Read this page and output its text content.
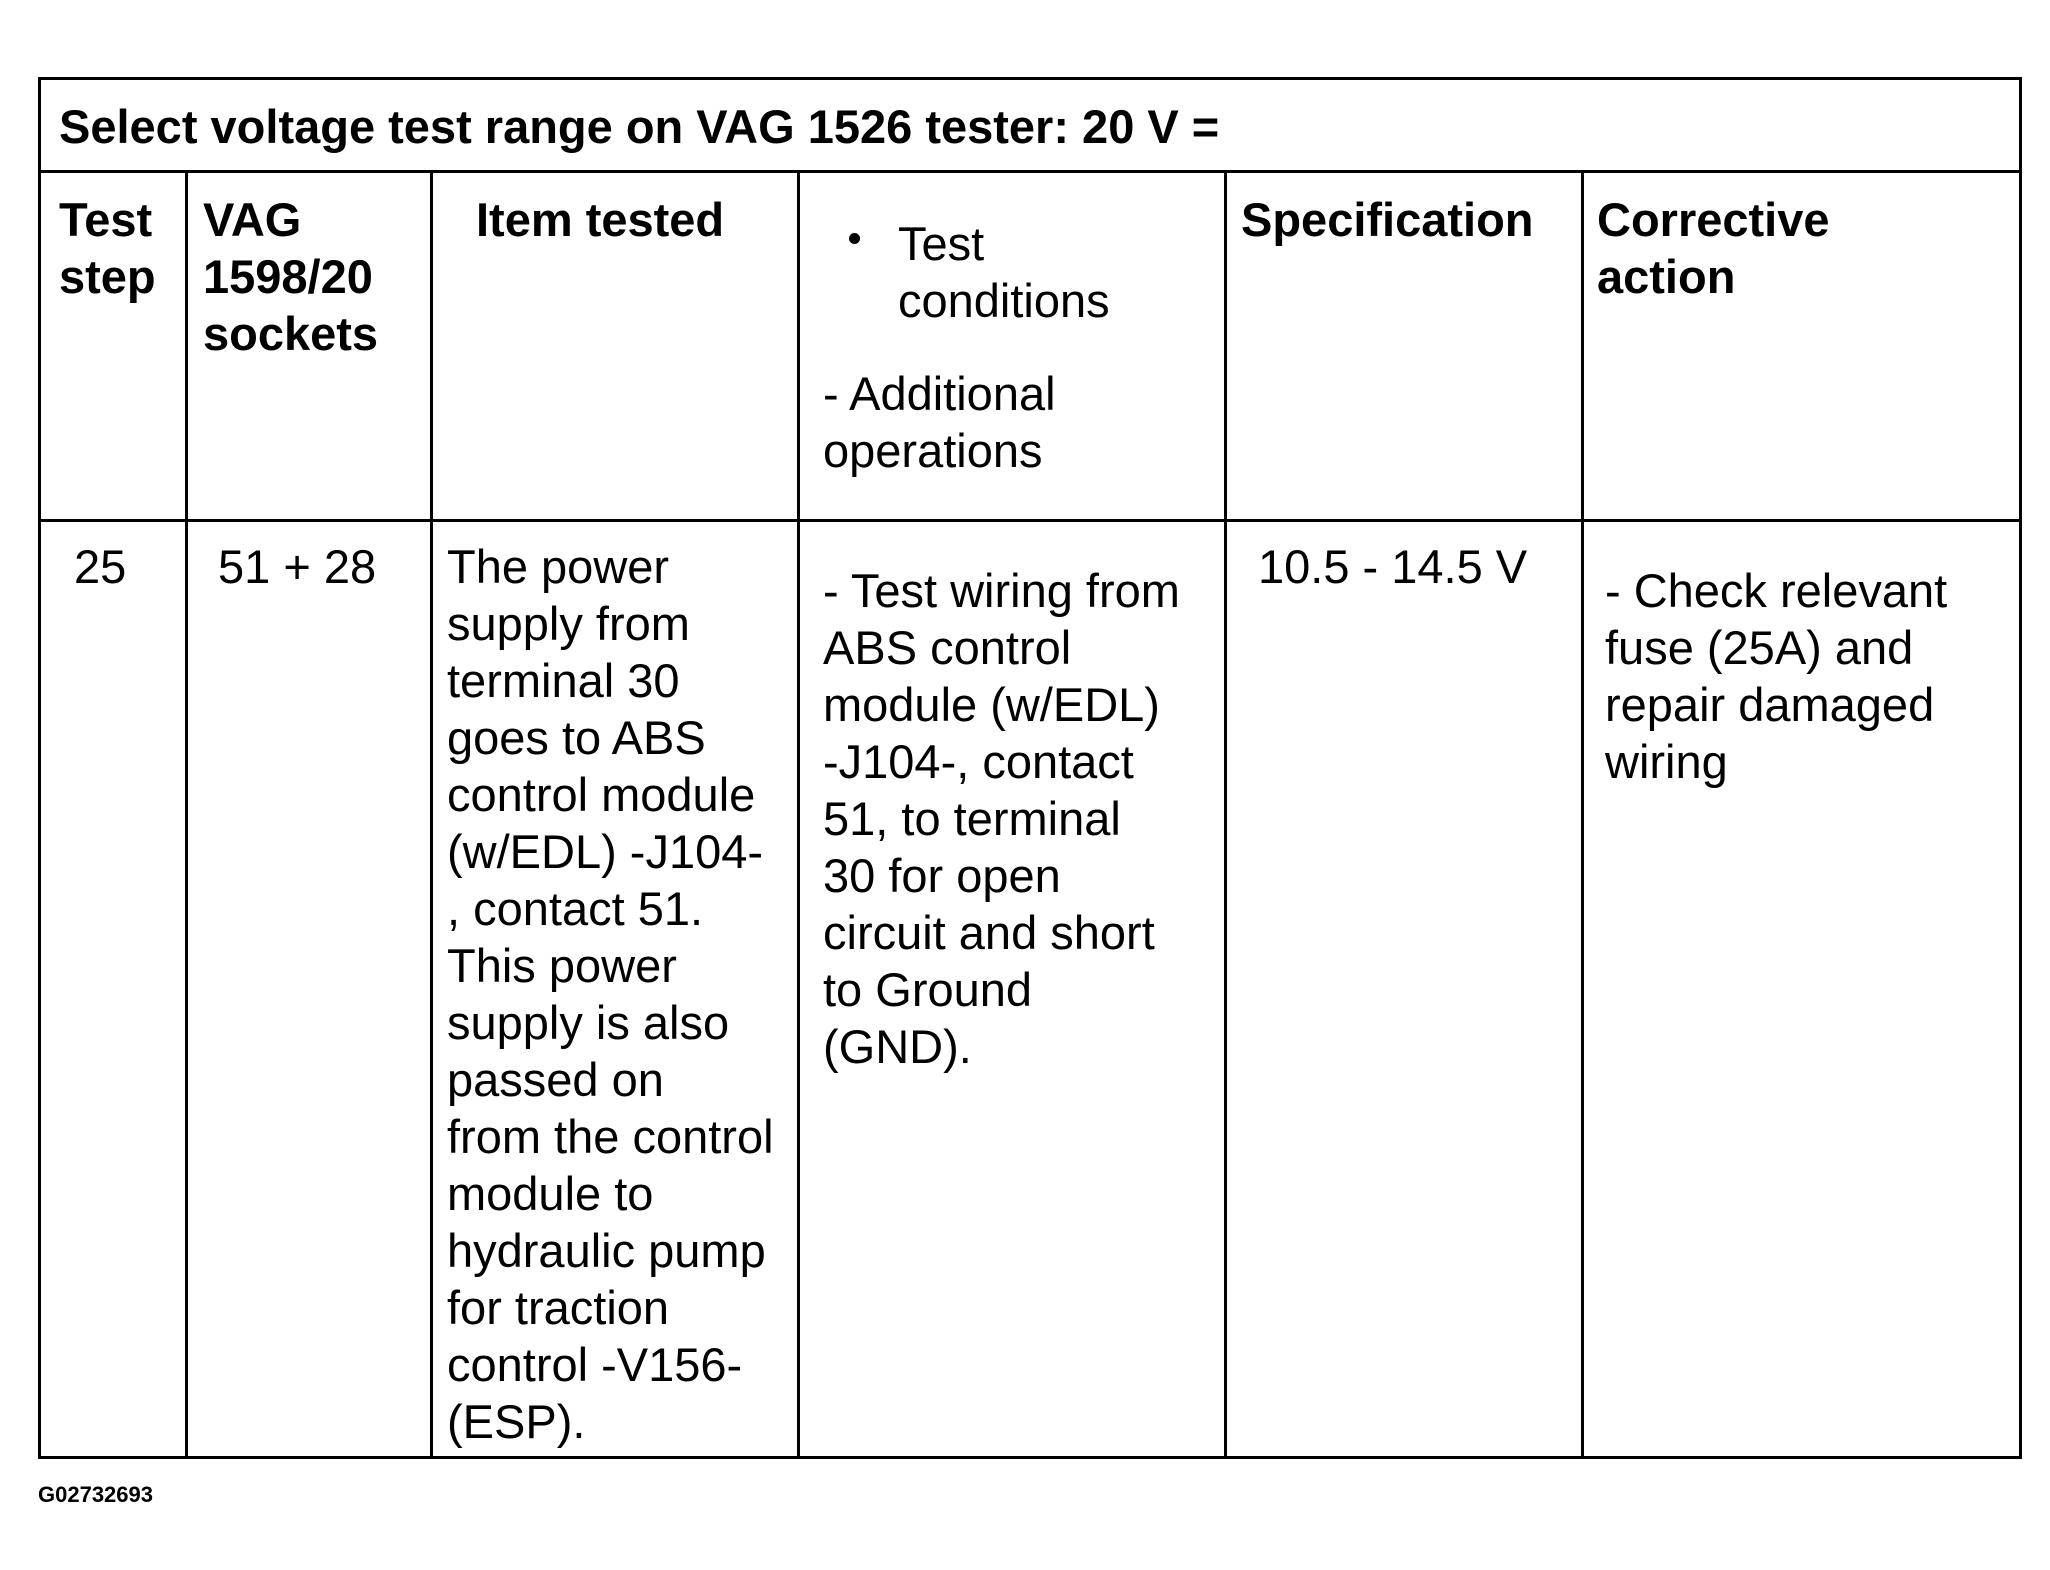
Select voltage test range on VAG 1526 tester: 20 V =
Test
step
VAG
1598/20
sockets
Item tested	Test
conditions
- Additional
operations
Specification Corrective
action
25 51 + 28 The power
supply from
terminal 30
goes to ABS
control module
(w/EDL) -J104-
, contact 51.
This power
supply is also
passed on
from the control
module to
hydraulic pump
for traction
control -V156-
(ESP).
- Test wiring from
ABS control
module (w/EDL)
-J104-, contact
51, to terminal
30 for open
circuit and short
to Ground
(GND).
10.5 - 14.5 V - Check relevant
fuse (25A) and
repair damaged
wiring
G02732693
